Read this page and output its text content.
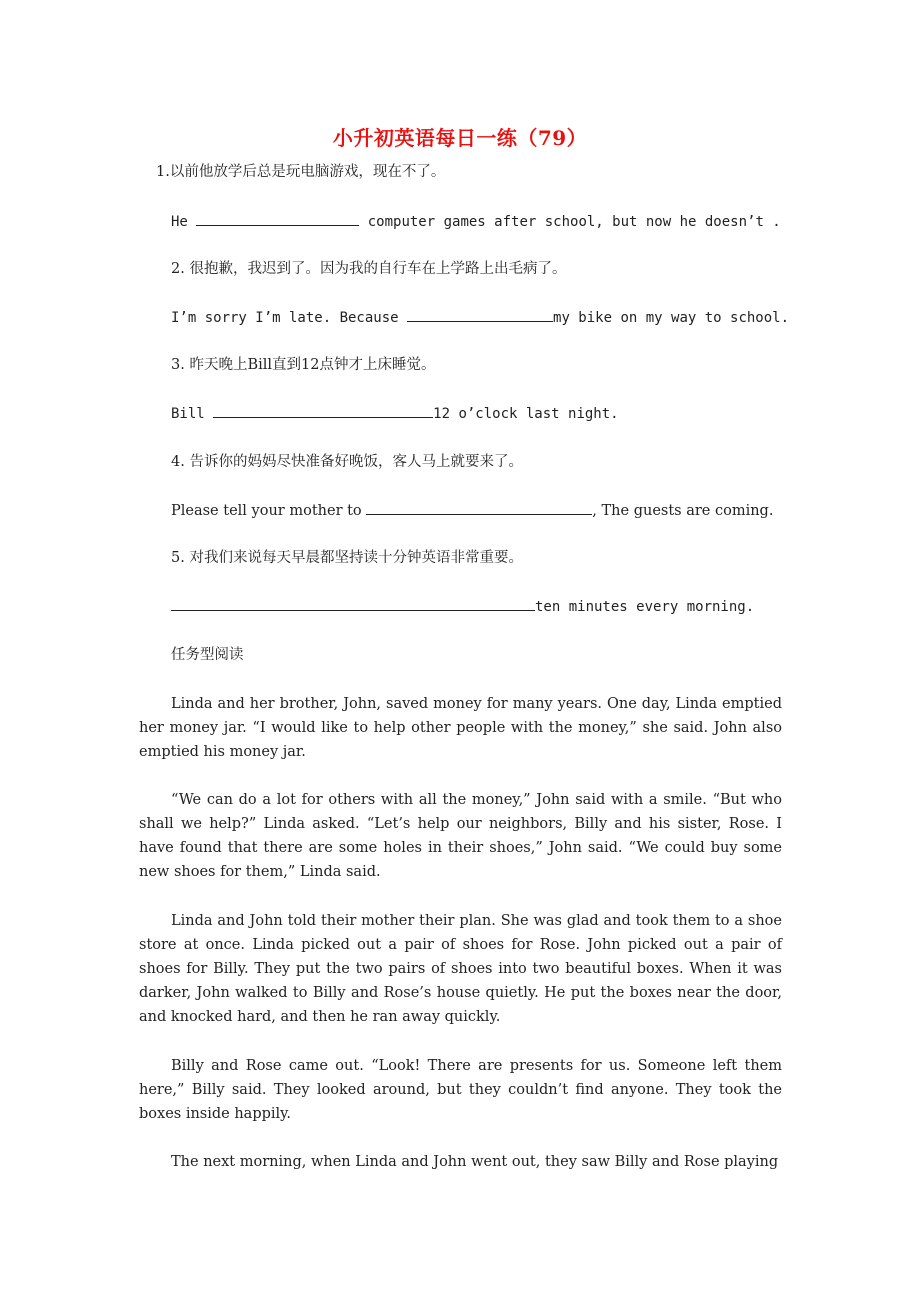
小升初英语每日一练（79）
1.以前他放学后总是玩电脑游戏，现在不了。
He	computer games after school, but now he doesn’t .
2. 很抱歉，我迟到了。因为我的自行车在上学路上出毛病了。
I’m sorry I’m late. Because	my bike on my way to school.
3. 昨天晚上Bill直到12点钟才上床睡觉。
Bill	12 o’clock last night.
4. 告诉你的妈妈尽快准备好晚饭，客人马上就要来了。
Please tell your mother to	, The guests are coming.
5. 对我们来说每天早晨都坚持读十分钟英语非常重要。
ten minutes every morning.
任务型阅读
Linda and her brother, John, saved money for many years. One day, Linda emptied her money jar. “I would like to help other people with the money,” she said. John also emptied his money jar.
“We can do a lot for others with all the money,” John said with a smile. “But who shall we help?” Linda asked. “Let’s help our neighbors, Billy and his sister, Rose. I have found that there are some holes in their shoes,” John said. “We could buy some new shoes for them,” Linda said.
Linda and John told their mother their plan. She was glad and took them to a shoe store at once. Linda picked out a pair of shoes for Rose. John picked out a pair of shoes for Billy. They put the two pairs of shoes into two beautiful boxes. When it was darker, John walked to Billy and Rose’s house quietly. He put the boxes near the door, and knocked hard, and then he ran away quickly.
Billy and Rose came out. “Look! There are presents for us. Someone left them here,” Billy said. They looked around, but they couldn’t find anyone. They took the boxes inside happily.
The next morning, when Linda and John went out, they saw Billy and Rose playing
